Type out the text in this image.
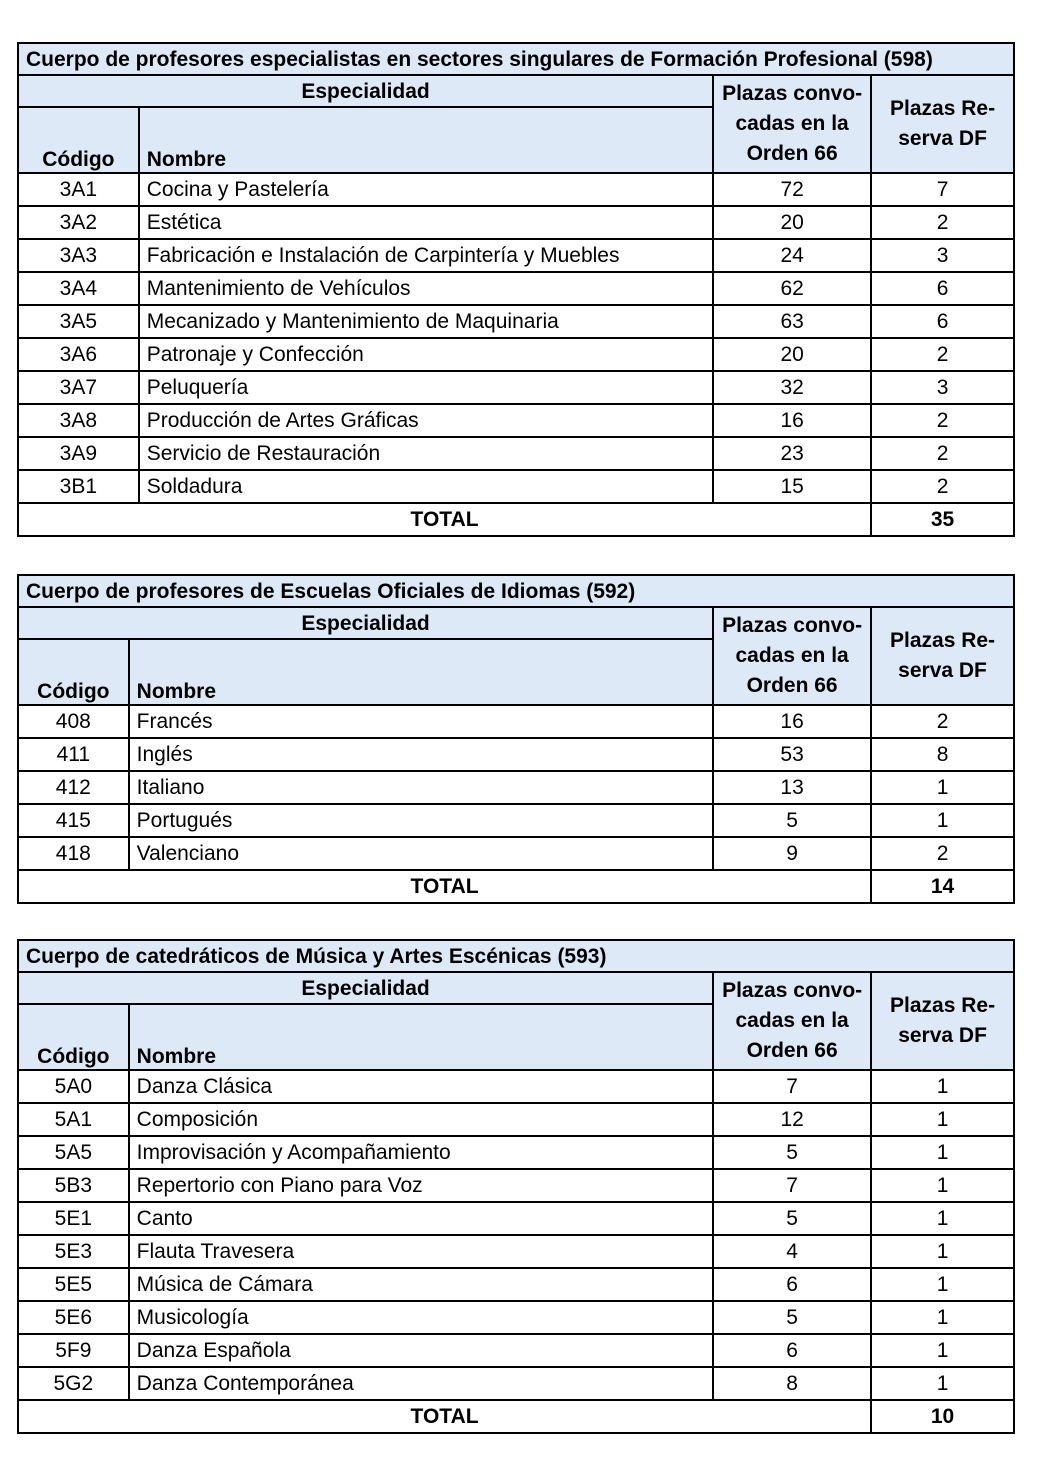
Cuerpo de profesores especialistas en sectores singulares de Formación Profesional (598)			
Especialidad		Plazas convo-
cadas en la
Orden 66	Plazas Re-
serva DF

Código	Nombre		
3A1	Cocina y Pastelería	72	7
3A2	Estética	20	2
3A3	Fabricación e Instalación de Carpintería y Muebles	24	3
3A4	Mantenimiento de Vehículos	62	6
3A5	Mecanizado y Mantenimiento de Maquinaria	63	6
3A6	Patronaje y Confección	20	2
3A7	Peluquería	32	3
3A8	Producción de Artes Gráficas	16	2
3A9	Servicio de Restauración	23	2
3B1	Soldadura	15	2
TOTAL			35
Cuerpo de profesores de Escuelas Oficiales de Idiomas (592)			
Especialidad		Plazas convo-
cadas en la
Orden 66	Plazas Re-
serva DF

Código	Nombre		
408	Francés	16	2
411	Inglés	53	8
412	Italiano	13	1
415	Portugués	5	1
418	Valenciano	9	2
TOTAL			14
Cuerpo de catedráticos de Música y Artes Escénicas (593)			
Especialidad		Plazas convo-
cadas en la
Orden 66	Plazas Re-
serva DF

Código	Nombre		
5A0	Danza Clásica	7	1
5A1	Composición	12	1
5A5	Improvisación y Acompañamiento	5	1
5B3	Repertorio con Piano para Voz	7	1
5E1	Canto	5	1
5E3	Flauta Travesera	4	1
5E5	Música de Cámara	6	1
5E6	Musicología	5	1
5F9	Danza Española	6	1
5G2	Danza Contemporánea	8	1
TOTAL			10
